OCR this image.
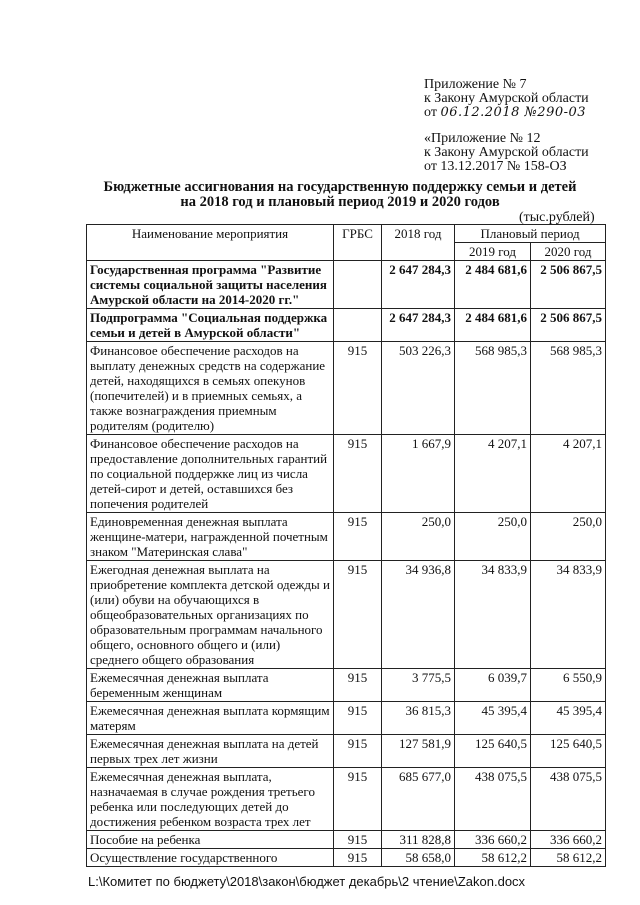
Приложение № 7
к Закону Амурской области
от 06.12.2018 №290-03
«Приложение № 12
к Закону Амурской области
от 13.12.2017 № 158-ОЗ
Бюджетные ассигнования на государственную поддержку семьи и детей
на 2018 год и плановый период 2019 и 2020 годов
(тыс.рублей)
Наименование мероприятия	ГРБС	2018 год	Плановый период	
			2019 год	2020 год
Государственная программа "Развитие системы социальной защиты населения Амурской области на 2014-2020 гг."		2 647 284,3	2 484 681,6	2 506 867,5
Подпрограмма "Социальная поддержка семьи и детей в Амурской области"		2 647 284,3	2 484 681,6	2 506 867,5
Финансовое обеспечение расходов на выплату денежных средств на содержание детей, находящихся в семьях опекунов (попечителей) и в приемных семьях, а также вознаграждения приемным родителям (родителю)	915	503 226,3	568 985,3	568 985,3
Финансовое обеспечение расходов на предоставление дополнительных гарантий по социальной поддержке лиц из числа детей-сирот и детей, оставшихся без попечения родителей	915	1 667,9	4 207,1	4 207,1
Единовременная денежная выплата женщине-матери, награжденной почетным знаком "Материнская слава"	915	250,0	250,0	250,0
Ежегодная денежная выплата на приобретение комплекта детской одежды и (или) обуви на обучающихся в общеобразовательных организациях по образовательным программам начального общего, основного общего и (или) среднего общего образования	915	34 936,8	34 833,9	34 833,9
Ежемесячная денежная выплата беременным женщинам	915	3 775,5	6 039,7	6 550,9
Ежемесячная денежная выплата кормящим матерям	915	36 815,3	45 395,4	45 395,4
Ежемесячная денежная выплата на детей первых трех лет жизни	915	127 581,9	125 640,5	125 640,5
Ежемесячная денежная выплата, назначаемая в случае рождения третьего ребенка или последующих детей до достижения ребенком возраста трех лет	915	685 677,0	438 075,5	438 075,5
Пособие на ребенка	915	311 828,8	336 660,2	336 660,2
Осуществление государственного	915	58 658,0	58 612,2	58 612,2
L:\Комитет по бюджету\2018\закон\бюджет декабрь\2 чтение\Zakon.docx
